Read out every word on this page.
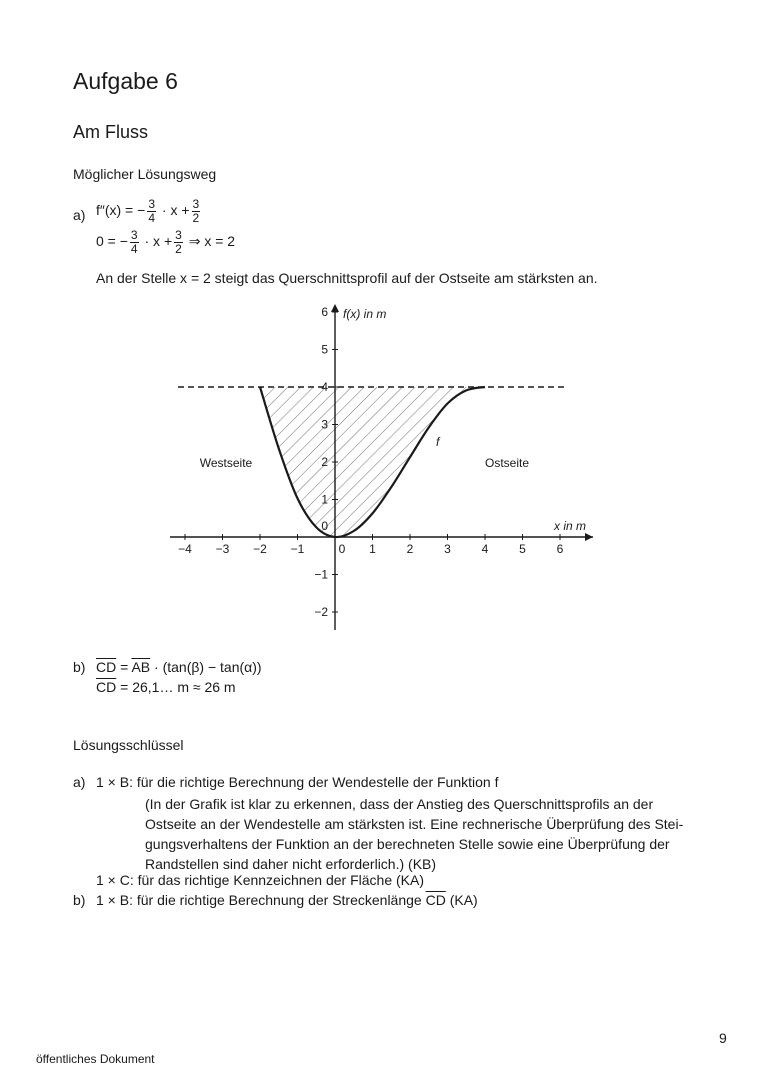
Aufgabe 6
Am Fluss
Möglicher Lösungsweg
a) f″(x) = − $\frac{3}{4} \cdot x + \frac{3}{2}$
0 = − $\frac{3}{4} \cdot x + \frac{3}{2}$ ⇒ x = 2
An der Stelle x = 2 steigt das Querschnittsprofil auf der Ostseite am stärksten an.
−4 −3 −2 −1	0 1	2	3	4	5	6
−2
−1
1
2
3
4
5
6
0
f(x) in m
x in m
Westseite	Ostseite
f
b) $\overline{CD} = \overline{AB} \cdot (\tan(\beta) - \tan(\alpha))$
$\overline{CD}$ = 26,1… m ≈ 26 m
Lösungsschlüssel
a) 1 × B: für die richtige Berechnung der Wendestelle der Funktion f
(In der Grafik ist klar zu erkennen, dass der Anstieg des Querschnittsprofils an der
Ostseite an der Wendestelle am stärksten ist. Eine rechnerische Überprüfung des Stei-
gungsverhaltens der Funktion an der berechneten Stelle sowie eine Überprüfung der
Randstellen sind daher nicht erforderlich.) (KB)
1 × C: für das richtige Kennzeichnen der Fläche (KA)
b) 1 × B: für die richtige Berechnung der Streckenlänge $\overline{CD}$ (KA)
9
öffentliches Dokument
